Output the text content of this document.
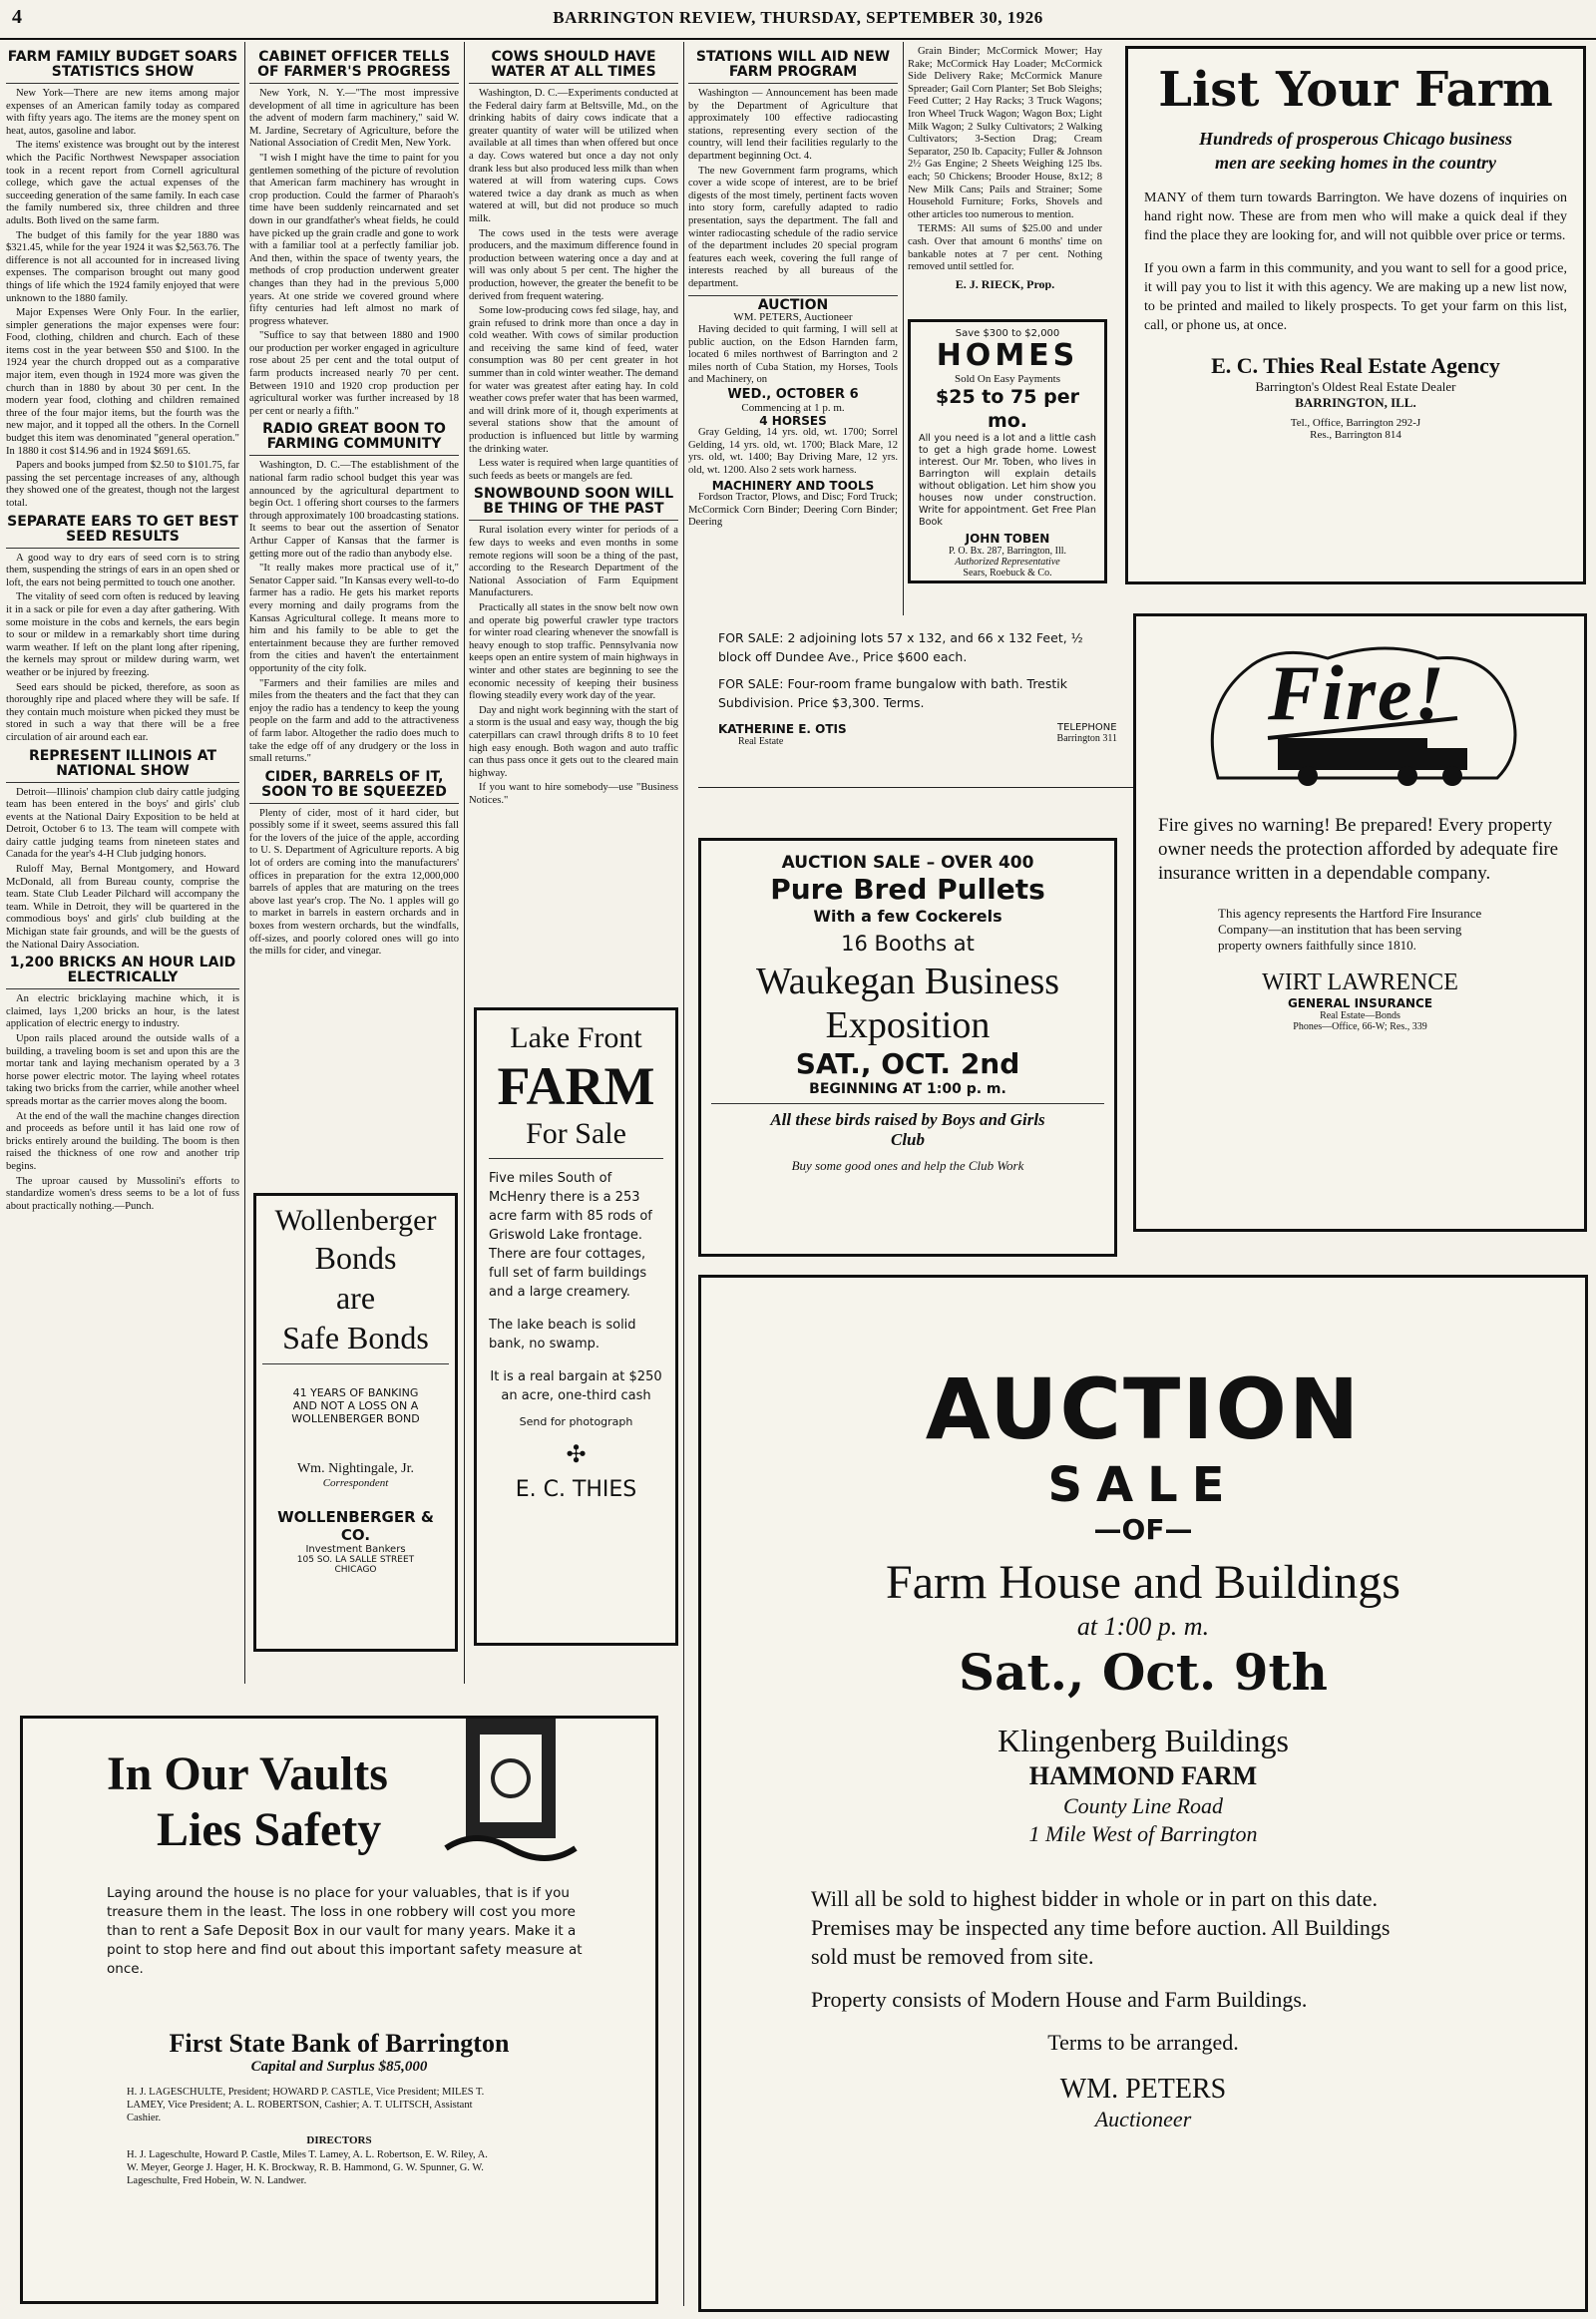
4	BARRINGTON REVIEW, THURSDAY, SEPTEMBER 30, 1926
FARM FAMILY BUDGET SOARS STATISTICS SHOW

New York—There are new items among major expenses of an American family today as compared with fifty years ago. The items are the money spent on heat, autos, gasoline and labor.

The items' existence was brought out by the interest which the Pacific Northwest Newspaper association took in a recent report from Cornell agricultural college, which gave the actual expenses of the succeeding generation of the same family. In each case the family numbered six, three children and three adults. Both lived on the same farm.

The budget of this family for the year 1880 was $321.45, while for the year 1924 it was $2,563.76. The difference is not all accounted for in increased living expenses. The comparison brought out many good things of life which the 1924 family enjoyed that were unknown to the 1880 family.

Major Expenses Were Only Four. In the earlier, simpler generations the major expenses were four: Food, clothing, children and church. Each of these items cost in the year between $50 and $100. In the 1924 year the church dropped out as a comparative major item, even though in 1924 more was given the church than in 1880 by about 30 per cent. In the modern year food, clothing and children remained three of the four major items, but the fourth was the new major, and it topped all the others. In the Cornell budget this item was denominated "general operation." In 1880 it cost $14.96 and in 1924 $691.65.

Papers and books jumped from $2.50 to $101.75, far passing the set percentage increases of any, although they showed one of the greatest, though not the largest total.

SEPARATE EARS TO GET BEST SEED RESULTS

A good way to dry ears of seed corn is to string them, suspending the strings of ears in an open shed or loft, the ears not being permitted to touch one another.

The vitality of seed corn often is reduced by leaving it in a sack or pile for even a day after gathering. With some moisture in the cobs and kernels, the ears begin to sour or mildew in a remarkably short time during warm weather. If left on the plant long after ripening, the kernels may sprout or mildew during warm, wet weather or be injured by freezing.

Seed ears should be picked, therefore, as soon as thoroughly ripe and placed where they will be safe. If they contain much moisture when picked they must be stored in such a way that there will be a free circulation of air around each ear.

REPRESENT ILLINOIS AT NATIONAL SHOW

Detroit—Illinois' champion club dairy cattle judging team has been entered in the boys' and girls' club events at the National Dairy Exposition to be held at Detroit, October 6 to 13. The team will compete with dairy cattle judging teams from nineteen states and Canada for the year's 4-H Club judging honors.

Ruloff May, Bernal Montgomery, and Howard McDonald, all from Bureau county, comprise the team. State Club Leader Pilchard will accompany the team. While in Detroit, they will be quartered in the commodious boys' and girls' club building at the Michigan state fair grounds, and will be the guests of the National Dairy Association.

1,200 BRICKS AN HOUR LAID ELECTRICALLY

An electric bricklaying machine which, it is claimed, lays 1,200 bricks an hour, is the latest application of electric energy to industry.

Upon rails placed around the outside walls of a building, a traveling boom is set and upon this are the mortar tank and laying mechanism operated by a 3 horse power electric motor. The laying wheel rotates taking two bricks from the carrier, while another wheel spreads mortar as the carrier moves along the boom.

At the end of the wall the machine changes direction and proceeds as before until it has laid one row of bricks entirely around the building. The boom is then raised the thickness of one row and another trip begins.

The uproar caused by Mussolini's efforts to standardize women's dress seems to be a lot of fuss about practically nothing.—Punch.

CABINET OFFICER TELLS OF FARMER'S PROGRESS

New York, N. Y.—"The most impressive development of all time in agriculture has been the advent of modern farm machinery," said W. M. Jardine, Secretary of Agriculture, before the National Association of Credit Men, New York.

"I wish I might have the time to paint for you gentlemen something of the picture of revolution that American farm machinery has wrought in crop production. Could the farmer of Pharaoh's time have been suddenly reincarnated and set down in our grandfather's wheat fields, he could have picked up the grain cradle and gone to work with a familiar tool at a perfectly familiar job. And then, within the space of twenty years, the methods of crop production underwent greater changes than they had in the previous 5,000 years. At one stride we covered ground where fifty centuries had left almost no mark of progress whatever.

"Suffice to say that between 1880 and 1900 our production per worker engaged in agriculture rose about 25 per cent and the total output of farm products increased nearly 70 per cent. Between 1910 and 1920 crop production per agricultural worker was further increased by 18 per cent or nearly a fifth."

RADIO GREAT BOON TO FARMING COMMUNITY

Washington, D. C.—The establishment of the national farm radio school budget this year was announced by the agricultural department to begin Oct. 1 offering short courses to the farmers through approximately 100 broadcasting stations. It seems to bear out the assertion of Senator Arthur Capper of Kansas that the farmer is getting more out of the radio than anybody else.

"It really makes more practical use of it," Senator Capper said. "In Kansas every well-to-do farmer has a radio. He gets his market reports every morning and daily programs from the Kansas Agricultural college. It means more to him and his family to be able to get the entertainment because they are further removed from the cities and haven't the entertainment opportunity of the city folk.

"Farmers and their families are miles and miles from the theaters and the fact that they can enjoy the radio has a tendency to keep the young people on the farm and add to the attractiveness of farm labor. Altogether the radio does much to take the edge off of any drudgery or the loss in small returns."

CIDER, BARRELS OF IT, SOON TO BE SQUEEZED

Plenty of cider, most of it hard cider, but possibly some if it sweet, seems assured this fall for the lovers of the juice of the apple, according to U. S. Department of Agriculture reports. A big lot of orders are coming into the manufacturers' offices in preparation for the extra 12,000,000 barrels of apples that are maturing on the trees above last year's crop. The No. 1 apples will go to market in barrels in eastern orchards and in boxes from western orchards, but the windfalls, off-sizes, and poorly colored ones will go into the mills for cider, and vinegar.

Wollenberger
Bonds
are
Safe Bonds
41 YEARS OF BANKING
AND NOT A LOSS ON A
WOLLENBERGER BOND
Wm. Nightingale, Jr.
Correspondent
WOLLENBERGER & CO.
Investment Bankers
105 SO. LA SALLE STREET
CHICAGO
COWS SHOULD HAVE WATER AT ALL TIMES

Washington, D. C.—Experiments conducted at the Federal dairy farm at Beltsville, Md., on the drinking habits of dairy cows indicate that a greater quantity of water will be utilized when available at all times than when offered but once a day. Cows watered but once a day not only drank less but also produced less milk than when watered at will from watering cups. Cows watered twice a day drank as much as when watered at will, but did not produce so much milk.

The cows used in the tests were average producers, and the maximum difference found in production between watering once a day and at will was only about 5 per cent. The higher the production, however, the greater the benefit to be derived from frequent watering.

Some low-producing cows fed silage, hay, and grain refused to drink more than once a day in cold weather. With cows of similar production and receiving the same kind of feed, water consumption was 80 per cent greater in hot summer than in cold winter weather. The demand for water was greatest after eating hay. In cold weather cows prefer water that has been warmed, and will drink more of it, though experiments at several stations show that the amount of production is influenced but little by warming the drinking water.

Less water is required when large quantities of such feeds as beets or mangels are fed.

SNOWBOUND SOON WILL BE THING OF THE PAST

Rural isolation every winter for periods of a few days to weeks and even months in some remote regions will soon be a thing of the past, according to the Research Department of the National Association of Farm Equipment Manufacturers.

Practically all states in the snow belt now own and operate big powerful crawler type tractors for winter road clearing whenever the snowfall is heavy enough to stop traffic. Pennsylvania now keeps open an entire system of main highways in winter and other states are beginning to see the economic necessity of keeping their business flowing steadily every work day of the year.

Day and night work beginning with the start of a storm is the usual and easy way, though the big caterpillars can crawl through drifts 8 to 10 feet high easy enough. Both wagon and auto traffic can thus pass once it gets out to the cleared main highway.

If you want to hire somebody—use "Business Notices."

Lake Front
FARM
For Sale
Five miles South of McHenry there is a 253 acre farm with 85 rods of Griswold Lake frontage. There are four cottages, full set of farm buildings and a large creamery.
The lake beach is solid bank, no swamp.
It is a real bargain at $250 an acre, one-third cash
Send for photograph
✣
E. C. THIES
STATIONS WILL AID NEW FARM PROGRAM

Washington — Announcement has been made by the Department of Agriculture that approximately 100 effective radiocasting stations, representing every section of the country, will lend their facilities regularly to the department beginning Oct. 4.

The new Government farm programs, which cover a wide scope of interest, are to be brief digests of the most timely, pertinent facts woven into story form, carefully adapted to radio presentation, says the department. The fall and winter radiocasting schedule of the radio service of the department includes 20 special program features each week, covering the full range of interests reached by all bureaus of the department.

AUCTION
WM. PETERS, Auctioneer

Having decided to quit farming, I will sell at public auction, on the Edson Harnden farm, located 6 miles northwest of Barrington and 2 miles north of Cuba Station, my Horses, Tools and Machinery, on

WED., OCTOBER 6
Commencing at 1 p. m.
4 HORSES

Gray Gelding, 14 yrs. old, wt. 1700; Sorrel Gelding, 14 yrs. old, wt. 1700; Black Mare, 12 yrs. old, wt. 1400; Bay Driving Mare, 12 yrs. old, wt. 1200. Also 2 sets work harness.

MACHINERY AND TOOLS

Fordson Tractor, Plows, and Disc; Ford Truck; McCormick Corn Binder; Deering Corn Binder; Deering

Grain Binder; McCormick Mower; Hay Rake; McCormick Hay Loader; McCormick Side Delivery Rake; McCormick Manure Spreader; Gail Corn Planter; Set Bob Sleighs; Feed Cutter; 2 Hay Racks; 3 Truck Wagons; Iron Wheel Truck Wagon; Wagon Box; Light Milk Wagon; 2 Sulky Cultivators; 2 Walking Cultivators; 3-Section Drag; Cream Separator, 250 lb. Capacity; Fuller & Johnson 2½ Gas Engine; 2 Sheets Weighing 125 lbs. each; 50 Chickens; Brooder House, 8x12; 8 New Milk Cans; Pails and Strainer; Some Household Furniture; Forks, Shovels and other articles too numerous to mention.

TERMS: All sums of $25.00 and under cash. Over that amount 6 months' time on bankable notes at 7 per cent. Nothing removed until settled for.

E. J. RIECK, Prop.
Save $300 to $2,000
HOMES
Sold On Easy Payments
$25 to 75 per mo.
All you need is a lot and a little cash to get a high grade home. Lowest interest. Our Mr. Toben, who lives in Barrington will explain details without obligation. Let him show you houses now under construction. Write for appointment. Get Free Plan Book
JOHN TOBEN
P. O. Bx. 287, Barrington, Ill.
Authorized Representative
Sears, Roebuck & Co.
List Your Farm
Hundreds of prosperous Chicago business men are seeking homes in the country
MANY of them turn towards Barrington. We have dozens of inquiries on hand right now. These are from men who will make a quick deal if they find the place they are looking for, and will not quibble over price or terms.
If you own a farm in this community, and you want to sell for a good price, it will pay you to list it with this agency. We are making up a new list now, to be printed and mailed to likely prospects. To get your farm on this list, call, or phone us, at once.
E. C. Thies Real Estate Agency
Barrington's Oldest Real Estate Dealer
BARRINGTON, ILL.
Tel., Office, Barrington 292-J
Res., Barrington 814
FOR SALE: 2 adjoining lots 57 x 132, and 66 x 132 Feet, ½ block off Dundee Ave., Price $600 each.
FOR SALE: Four-room frame bungalow with bath. Trestik Subdivision. Price $3,300. Terms.
KATHERINE E. OTIS
Real Estate
TELEPHONE
Barrington 311
AUCTION SALE – OVER 400
Pure Bred Pullets
With a few Cockerels
16 Booths at
Waukegan Business
Exposition
SAT., OCT. 2nd
BEGINNING AT 1:00 p. m.
All these birds raised by Boys and Girls Club
Buy some good ones and help the Club Work
Fire!
Fire gives no warning! Be prepared! Every property owner needs the protection afforded by adequate fire insurance written in a dependable company.
This agency represents the Hartford Fire Insurance Company—an institution that has been serving property owners faithfully since 1810.
WIRT LAWRENCE
GENERAL INSURANCE
Real Estate—Bonds
Phones—Office, 66-W; Res., 339
In Our Vaults
Lies Safety
Laying around the house is no place for your valuables, that is if you treasure them in the least. The loss in one robbery will cost you more than to rent a Safe Deposit Box in our vault for many years. Make it a point to stop here and find out about this important safety measure at once.
First State Bank of Barrington
Capital and Surplus $85,000
H. J. LAGESCHULTE, President; HOWARD P. CASTLE, Vice President; MILES T. LAMEY, Vice President; A. L. ROBERTSON, Cashier; A. T. ULITSCH, Assistant Cashier.
DIRECTORS
H. J. Lageschulte, Howard P. Castle, Miles T. Lamey, A. L. Robertson, E. W. Riley, A. W. Meyer, George J. Hager, H. K. Brockway, R. B. Hammond, G. W. Spunner, G. W. Lageschulte, Fred Hobein, W. N. Landwer.
AUCTION
SALE
—OF—
Farm House and Buildings
at 1:00 p. m.
Sat., Oct. 9th
Klingenberg Buildings
HAMMOND FARM
County Line Road
1 Mile West of Barrington
Will all be sold to highest bidder in whole or in part on this date. Premises may be inspected any time before auction. All Buildings sold must be removed from site.
Property consists of Modern House and Farm Buildings.
Terms to be arranged.
WM. PETERS
Auctioneer
